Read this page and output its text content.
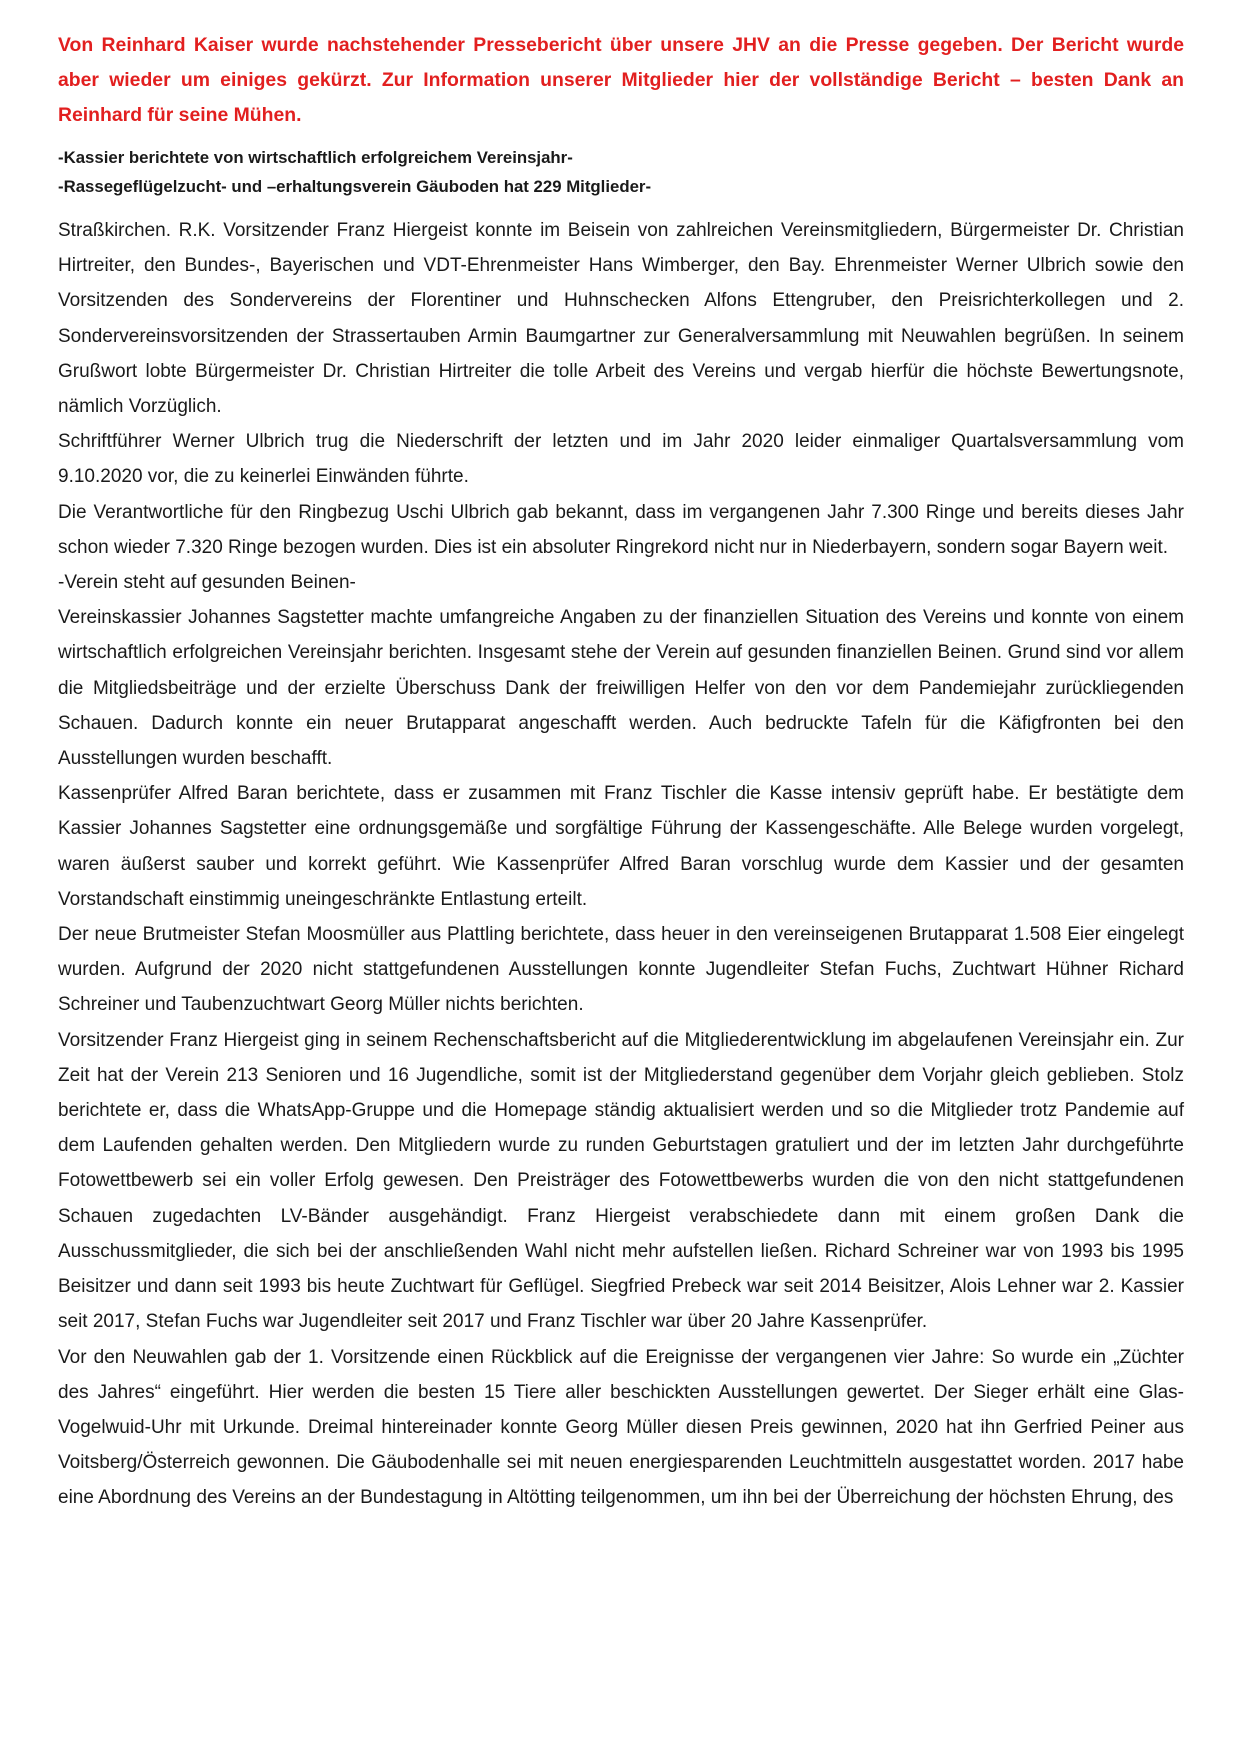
Von Reinhard Kaiser wurde nachstehender Pressebericht über unsere JHV an die Presse gegeben. Der Bericht wurde aber wieder um einiges gekürzt. Zur Information unserer Mitglieder hier der vollständige Bericht – besten Dank an Reinhard für seine Mühen.

-Kassier berichtete von wirtschaftlich erfolgreichem Vereinsjahr-

-Rassegeflügelzucht- und –erhaltungsverein Gäuboden hat 229 Mitglieder-

Straßkirchen. R.K. Vorsitzender Franz Hiergeist konnte im Beisein von zahlreichen Vereinsmitgliedern, Bürgermeister Dr. Christian Hirtreiter, den Bundes-, Bayerischen und VDT-Ehrenmeister Hans Wimberger, den Bay. Ehrenmeister Werner Ulbrich sowie den Vorsitzenden des Sondervereins der Florentiner und Huhnschecken Alfons Ettengruber, den Preisrichterkollegen und 2. Sondervereinsvorsitzenden der Strassertauben Armin Baumgartner zur Generalversammlung mit Neuwahlen begrüßen. In seinem Grußwort lobte Bürgermeister Dr. Christian Hirtreiter die tolle Arbeit des Vereins und vergab hierfür die höchste Bewertungsnote, nämlich Vorzüglich.

Schriftführer Werner Ulbrich trug die Niederschrift der letzten und im Jahr 2020 leider einmaliger Quartalsversammlung vom 9.10.2020 vor, die zu keinerlei Einwänden führte.

Die Verantwortliche für den Ringbezug Uschi Ulbrich gab bekannt, dass im vergangenen Jahr 7.300 Ringe und bereits dieses Jahr schon wieder 7.320 Ringe bezogen wurden. Dies ist ein absoluter Ringrekord nicht nur in Niederbayern, sondern sogar Bayern weit.

-Verein steht auf gesunden Beinen-

Vereinskassier Johannes Sagstetter machte umfangreiche Angaben zu der finanziellen Situation des Vereins und konnte von einem wirtschaftlich erfolgreichen Vereinsjahr berichten. Insgesamt stehe der Verein auf gesunden finanziellen Beinen. Grund sind vor allem die Mitgliedsbeiträge und der erzielte Überschuss Dank der freiwilligen Helfer von den vor dem Pandemiejahr zurückliegenden Schauen. Dadurch konnte ein neuer Brutapparat angeschafft werden. Auch bedruckte Tafeln für die Käfigfronten bei den Ausstellungen wurden beschafft.

Kassenprüfer Alfred Baran berichtete, dass er zusammen mit Franz Tischler die Kasse intensiv geprüft habe. Er bestätigte dem Kassier Johannes Sagstetter eine ordnungsgemäße und sorgfältige Führung der Kassengeschäfte. Alle Belege wurden vorgelegt, waren äußerst sauber und korrekt geführt. Wie Kassenprüfer Alfred Baran vorschlug wurde dem Kassier und der gesamten Vorstandschaft einstimmig uneingeschränkte Entlastung erteilt.

Der neue Brutmeister Stefan Moosmüller aus Plattling berichtete, dass heuer in den vereinseigenen Brutapparat 1.508 Eier eingelegt wurden. Aufgrund der 2020 nicht stattgefundenen Ausstellungen konnte Jugendleiter Stefan Fuchs, Zuchtwart Hühner Richard Schreiner und Taubenzuchtwart Georg Müller nichts berichten.

Vorsitzender Franz Hiergeist ging in seinem Rechenschaftsbericht auf die Mitgliederentwicklung im abgelaufenen Vereinsjahr ein. Zur Zeit hat der Verein 213 Senioren und 16 Jugendliche, somit ist der Mitgliederstand gegenüber dem Vorjahr gleich geblieben. Stolz berichtete er, dass die WhatsApp-Gruppe und die Homepage ständig aktualisiert werden und so die Mitglieder trotz Pandemie auf dem Laufenden gehalten werden. Den Mitgliedern wurde zu runden Geburtstagen gratuliert und der im letzten Jahr durchgeführte Fotowettbewerb sei ein voller Erfolg gewesen. Den Preisträger des Fotowettbewerbs wurden die von den nicht stattgefundenen Schauen zugedachten LV-Bänder ausgehändigt. Franz Hiergeist verabschiedete dann mit einem großen Dank die Ausschussmitglieder, die sich bei der anschließenden Wahl nicht mehr aufstellen ließen. Richard Schreiner war von 1993 bis 1995 Beisitzer und dann seit 1993 bis heute Zuchtwart für Geflügel. Siegfried Prebeck war seit 2014 Beisitzer, Alois Lehner war 2. Kassier seit 2017, Stefan Fuchs war Jugendleiter seit 2017 und Franz Tischler war über 20 Jahre Kassenprüfer.

Vor den Neuwahlen gab der 1. Vorsitzende einen Rückblick auf die Ereignisse der vergangenen vier Jahre: So wurde ein „Züchter des Jahres“ eingeführt. Hier werden die besten 15 Tiere aller beschickten Ausstellungen gewertet. Der Sieger erhält eine Glas-Vogelwuid-Uhr mit Urkunde. Dreimal hintereinader konnte Georg Müller diesen Preis gewinnen, 2020 hat ihn Gerfried Peiner aus Voitsberg/Österreich gewonnen. Die Gäubodenhalle sei mit neuen energiesparenden Leuchtmitteln ausgestattet worden. 2017 habe eine Abordnung des Vereins an der Bundestagung in Altötting teilgenommen, um ihn bei der Überreichung der höchsten Ehrung, des
